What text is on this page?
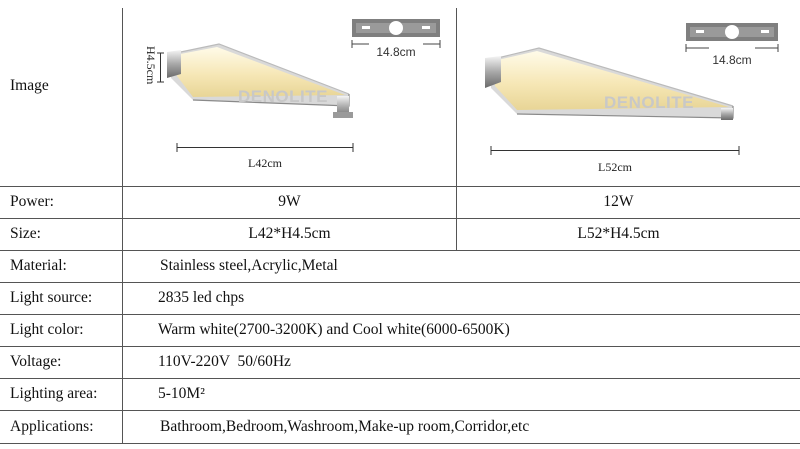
Image
14.8cm
DENOLITE
H4.5cm
L42cm
14.8cm
DENOLITE
L52cm
Power:	9W	12W
Size:	L42*H4.5cm	L52*H4.5cm
Material:	Stainless steel,Acrylic,Metal
Light source:	2835 led chps
Light color:	Warm white(2700-3200K) and Cool white(6000-6500K)
Voltage:	110V-220V  50/60Hz
Lighting area:	5-10M²
Applications:	Bathroom,Bedroom,Washroom,Make-up room,Corridor,etc
